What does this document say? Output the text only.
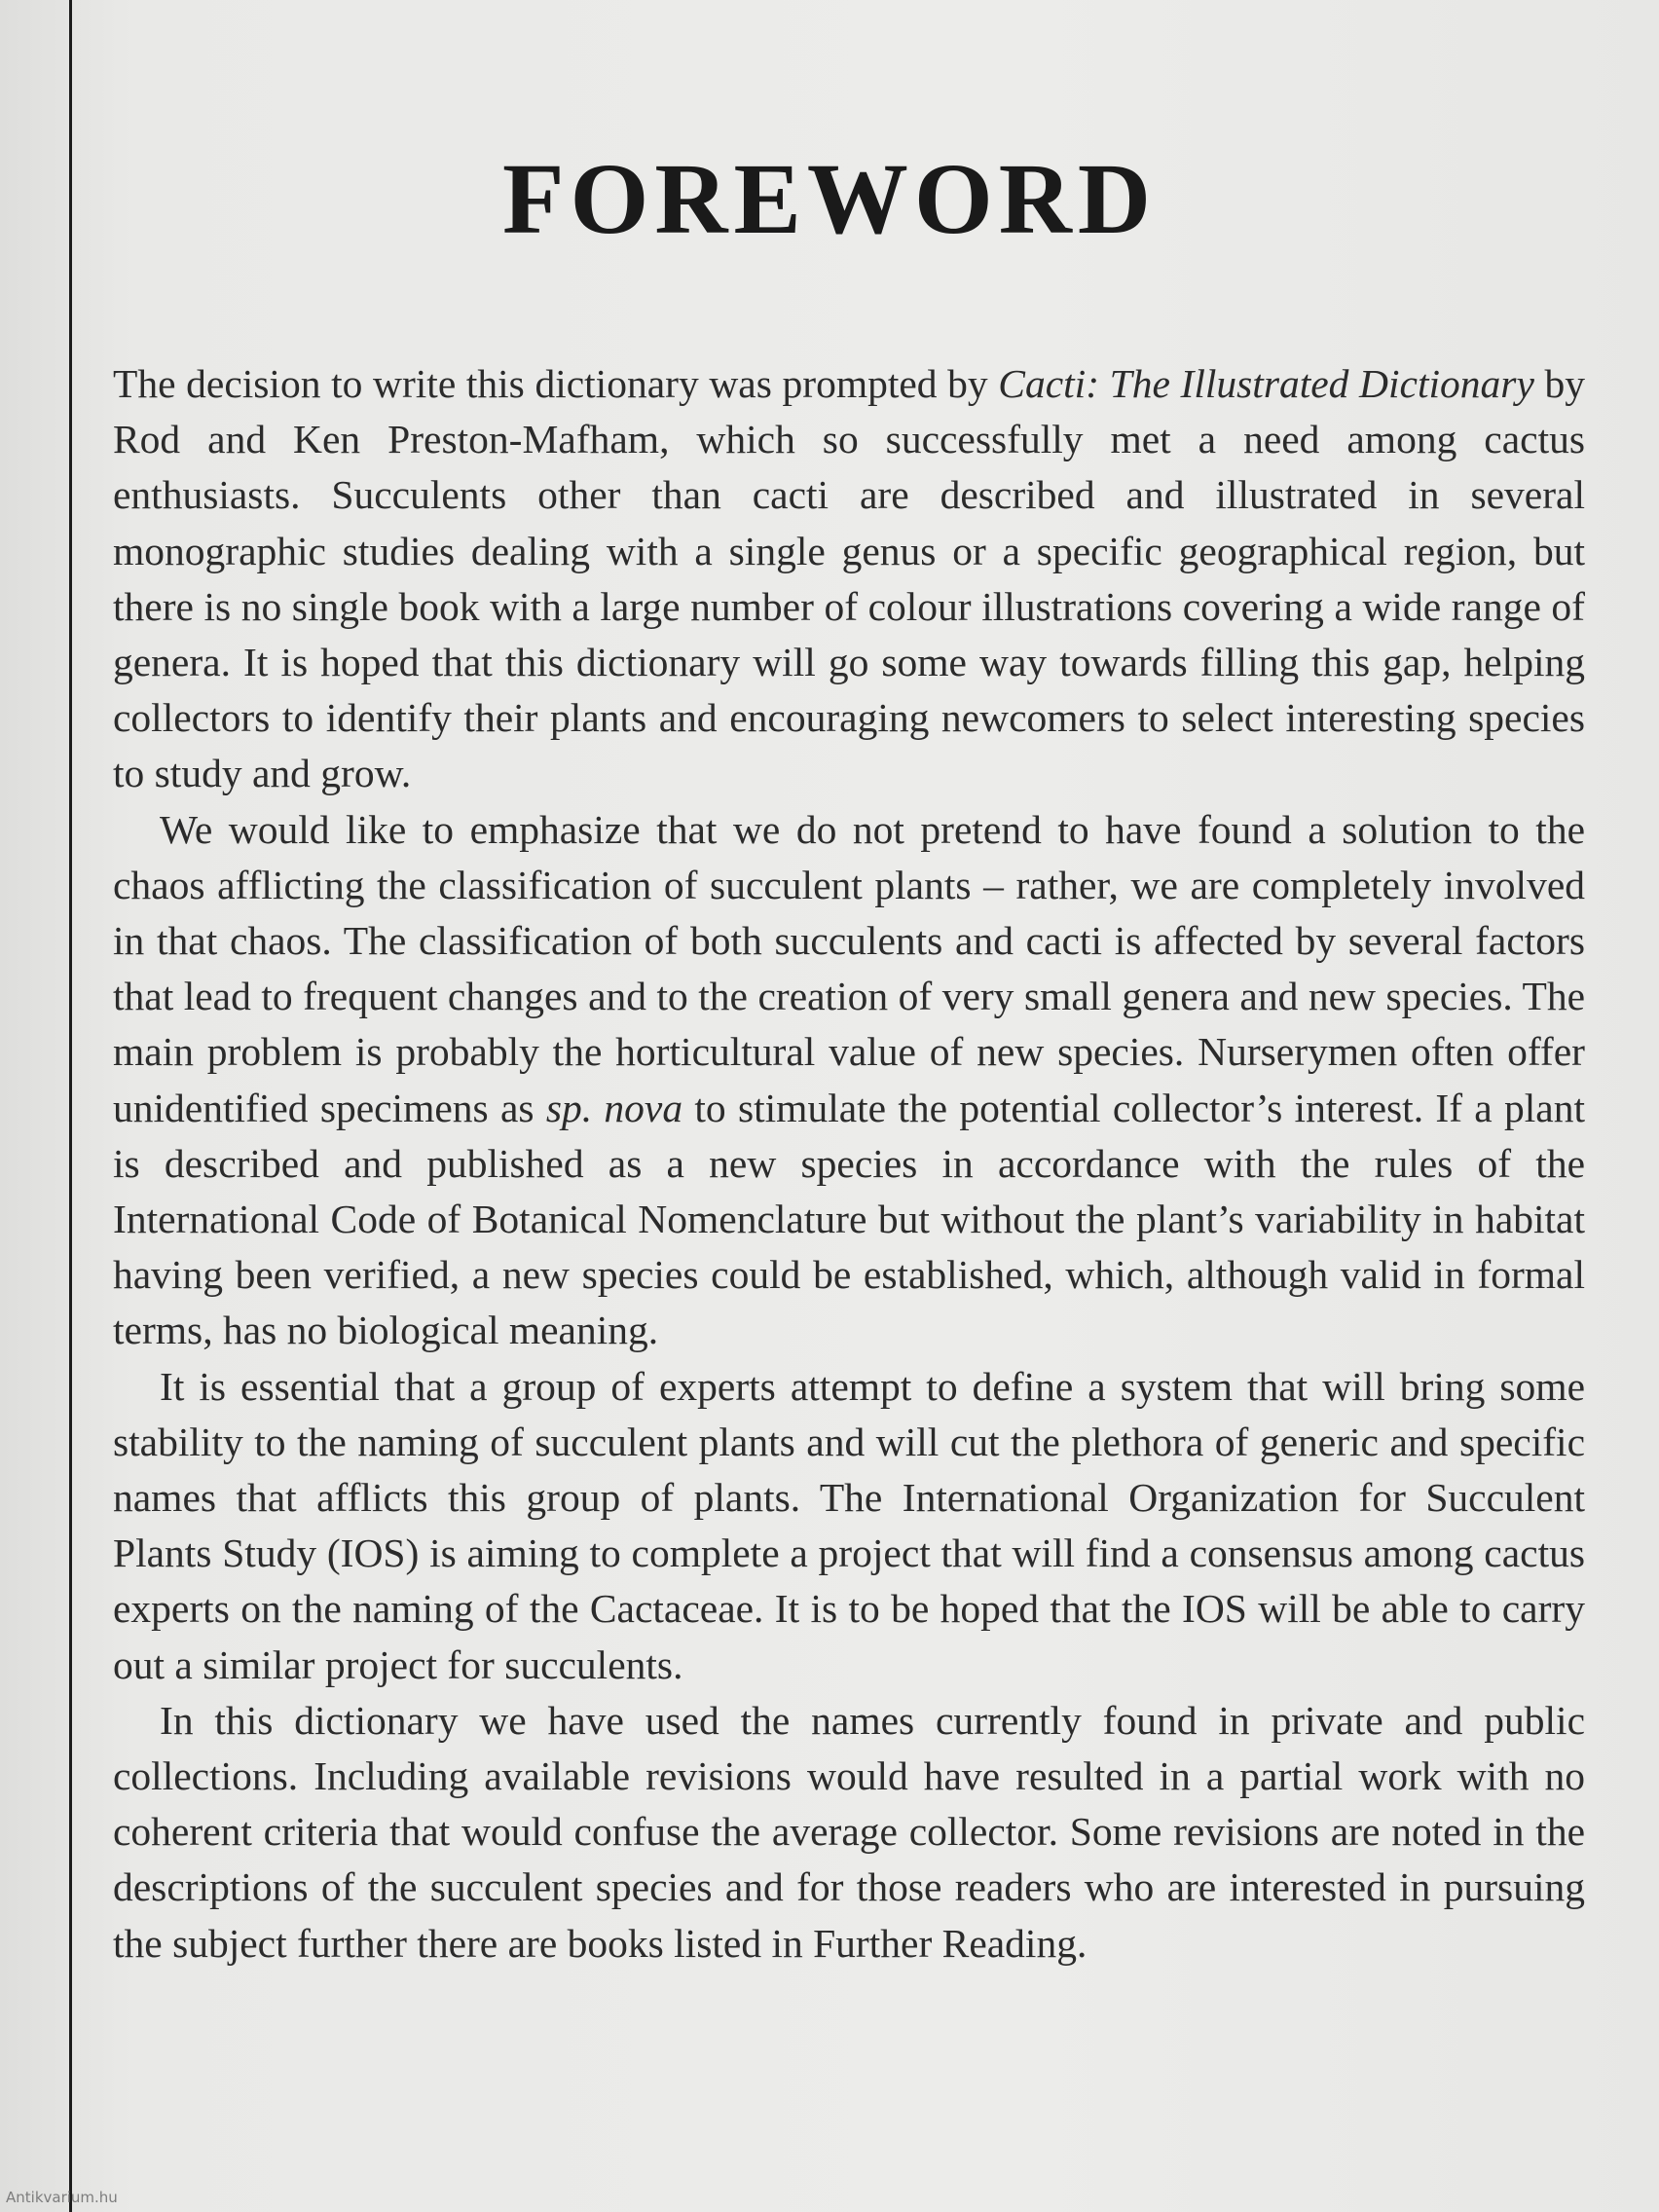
FOREWORD

The decision to write this dictionary was prompted by Cacti: The Illustrated Dictionary by Rod and Ken Preston-Mafham, which so successfully met a need among cactus enthusiasts. Succulents other than cacti are described and illustrated in several monographic studies dealing with a single genus or a specific geographical region, but there is no single book with a large number of colour illustrations covering a wide range of genera. It is hoped that this dictionary will go some way towards filling this gap, helping collectors to identify their plants and encouraging newcomers to select interesting species to study and grow.

We would like to emphasize that we do not pretend to have found a solution to the chaos afflicting the classification of succulent plants – rather, we are completely involved in that chaos. The classification of both succulents and cacti is affected by several factors that lead to frequent changes and to the creation of very small genera and new species. The main problem is probably the horticultural value of new species. Nurserymen often offer unidentified specimens as sp. nova to stimulate the potential collector’s interest. If a plant is described and published as a new species in accordance with the rules of the International Code of Botanical Nomenclature but without the plant’s variability in habitat having been verified, a new species could be established, which, although valid in formal terms, has no biological meaning.

It is essential that a group of experts attempt to define a system that will bring some stability to the naming of succulent plants and will cut the plethora of generic and specific names that afflicts this group of plants. The International Organization for Succulent Plants Study (IOS) is aiming to complete a project that will find a consensus among cactus experts on the naming of the Cactaceae. It is to be hoped that the IOS will be able to carry out a similar project for succulents.

In this dictionary we have used the names currently found in private and public collections. Including available revisions would have resulted in a partial work with no coherent criteria that would confuse the average collector. Some revisions are noted in the descriptions of the succulent species and for those readers who are interested in pursuing the subject further there are books listed in Further Reading.

Antikvarium.hu
